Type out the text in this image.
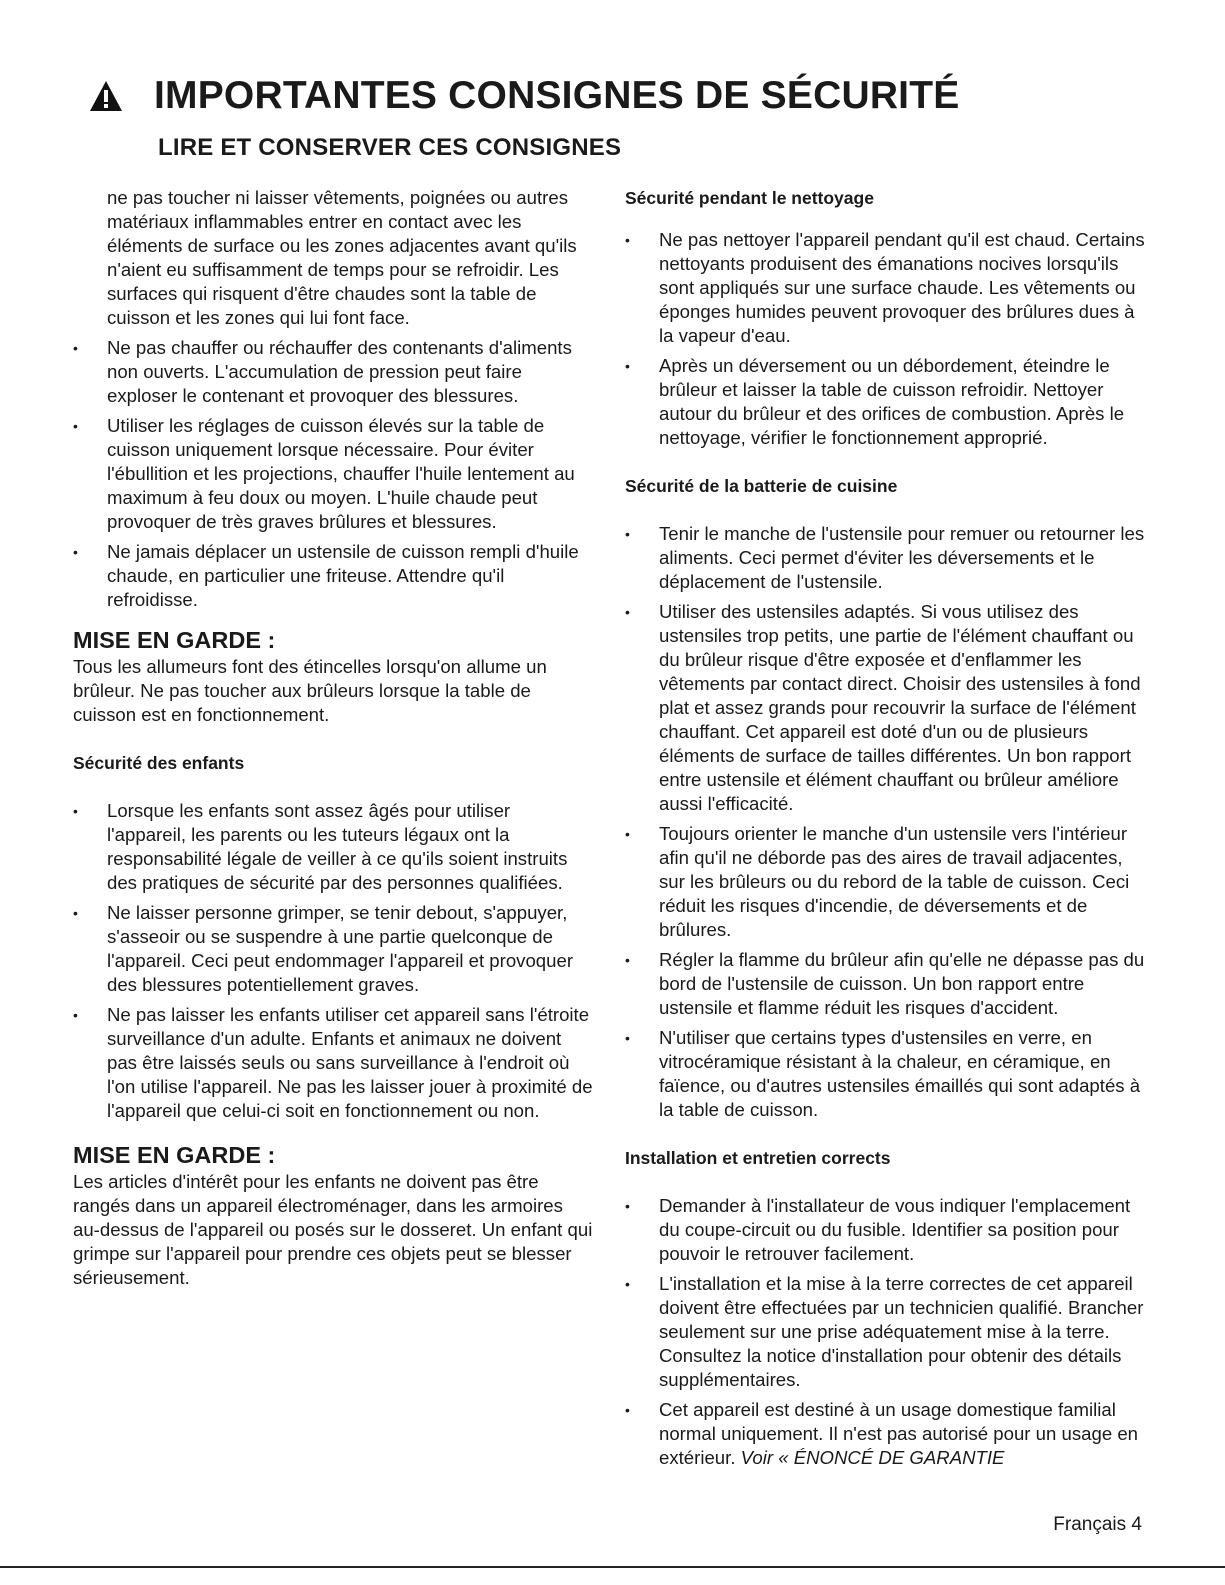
IMPORTANTES CONSIGNES DE SÉCURITÉ
LIRE ET CONSERVER CES CONSIGNES

ne pas toucher ni laisser vêtements, poignées ou autres matériaux inflammables entrer en contact avec les éléments de surface ou les zones adjacentes avant qu'ils n'aient eu suffisamment de temps pour se refroidir. Les surfaces qui risquent d'être chaudes sont la table de cuisson et les zones qui lui font face.

• Ne pas chauffer ou réchauffer des contenants d'aliments non ouverts. L'accumulation de pression peut faire exploser le contenant et provoquer des blessures.
• Utiliser les réglages de cuisson élevés sur la table de cuisson uniquement lorsque nécessaire. Pour éviter l'ébullition et les projections, chauffer l'huile lentement au maximum à feu doux ou moyen. L'huile chaude peut provoquer de très graves brûlures et blessures.
• Ne jamais déplacer un ustensile de cuisson rempli d'huile chaude, en particulier une friteuse. Attendre qu'il refroidisse.
MISE EN GARDE :

Tous les allumeurs font des étincelles lorsqu'on allume un brûleur. Ne pas toucher aux brûleurs lorsque la table de cuisson est en fonctionnement.

Sécurité des enfants
• Lorsque les enfants sont assez âgés pour utiliser l'appareil, les parents ou les tuteurs légaux ont la responsabilité légale de veiller à ce qu'ils soient instruits des pratiques de sécurité par des personnes qualifiées.
• Ne laisser personne grimper, se tenir debout, s'appuyer, s'asseoir ou se suspendre à une partie quelconque de l'appareil. Ceci peut endommager l'appareil et provoquer des blessures potentiellement graves.
• Ne pas laisser les enfants utiliser cet appareil sans l'étroite surveillance d'un adulte. Enfants et animaux ne doivent pas être laissés seuls ou sans surveillance à l'endroit où l'on utilise l'appareil. Ne pas les laisser jouer à proximité de l'appareil que celui-ci soit en fonctionnement ou non.
MISE EN GARDE :

Les articles d'intérêt pour les enfants ne doivent pas être rangés dans un appareil électroménager, dans les armoires au-dessus de l'appareil ou posés sur le dosseret. Un enfant qui grimpe sur l'appareil pour prendre ces objets peut se blesser sérieusement.

Sécurité pendant le nettoyage
• Ne pas nettoyer l'appareil pendant qu'il est chaud. Certains nettoyants produisent des émanations nocives lorsqu'ils sont appliqués sur une surface chaude. Les vêtements ou éponges humides peuvent provoquer des brûlures dues à la vapeur d'eau.
• Après un déversement ou un débordement, éteindre le brûleur et laisser la table de cuisson refroidir. Nettoyer autour du brûleur et des orifices de combustion. Après le nettoyage, vérifier le fonctionnement approprié.
Sécurité de la batterie de cuisine
• Tenir le manche de l'ustensile pour remuer ou retourner les aliments. Ceci permet d'éviter les déversements et le déplacement de l'ustensile.
• Utiliser des ustensiles adaptés. Si vous utilisez des ustensiles trop petits, une partie de l'élément chauffant ou du brûleur risque d'être exposée et d'enflammer les vêtements par contact direct. Choisir des ustensiles à fond plat et assez grands pour recouvrir la surface de l'élément chauffant. Cet appareil est doté d'un ou de plusieurs éléments de surface de tailles différentes. Un bon rapport entre ustensile et élément chauffant ou brûleur améliore aussi l'efficacité.
• Toujours orienter le manche d'un ustensile vers l'intérieur afin qu'il ne déborde pas des aires de travail adjacentes, sur les brûleurs ou du rebord de la table de cuisson. Ceci réduit les risques d'incendie, de déversements et de brûlures.
• Régler la flamme du brûleur afin qu'elle ne dépasse pas du bord de l'ustensile de cuisson. Un bon rapport entre ustensile et flamme réduit les risques d'accident.
• N'utiliser que certains types d'ustensiles en verre, en vitrocéramique résistant à la chaleur, en céramique, en faïence, ou d'autres ustensiles émaillés qui sont adaptés à la table de cuisson.
Installation et entretien corrects
• Demander à l'installateur de vous indiquer l'emplacement du coupe-circuit ou du fusible. Identifier sa position pour pouvoir le retrouver facilement.
• L'installation et la mise à la terre correctes de cet appareil doivent être effectuées par un technicien qualifié. Brancher seulement sur une prise adéquatement mise à la terre. Consultez la notice d'installation pour obtenir des détails supplémentaires.
• Cet appareil est destiné à un usage domestique familial normal uniquement. Il n'est pas autorisé pour un usage en extérieur. Voir « ÉNONCÉ DE GARANTIE
Français 4
